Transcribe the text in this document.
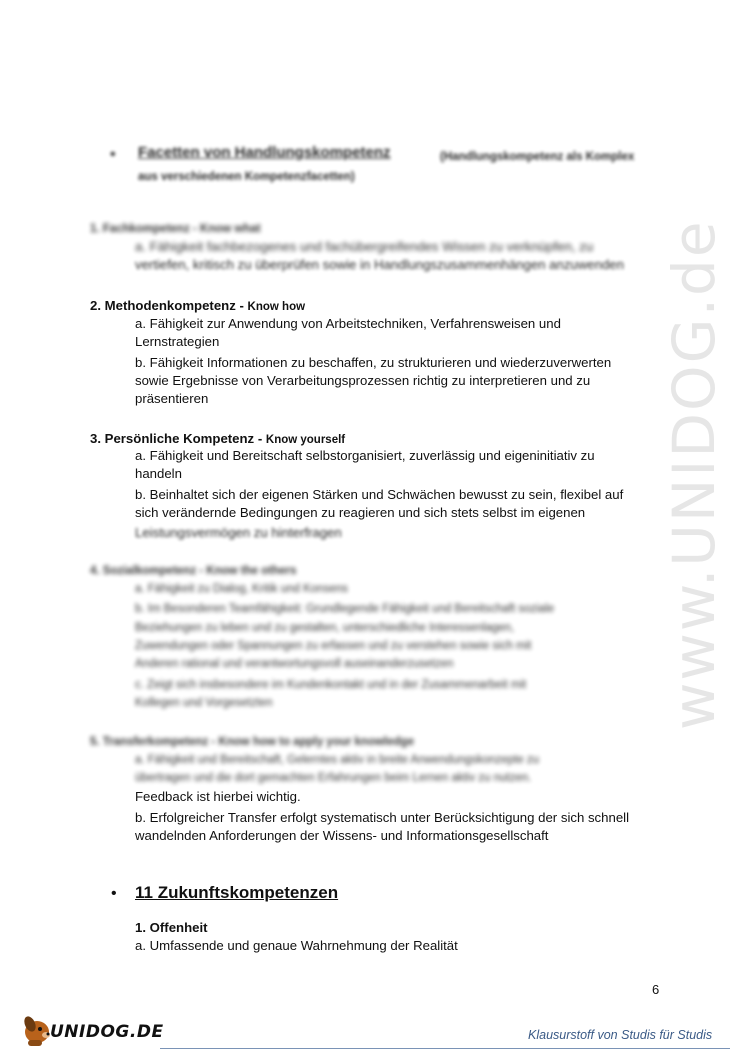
www.UNIDOG.de
• Facetten von Handlungskompetenz	(Handlungskompetenz als Komplex
aus verschiedenen Kompetenzfacetten)
1. Fachkompetenz - Know what
a. Fähigkeit fachbezogenes und fachübergreifendes Wissen zu verknüpfen, zu
vertiefen, kritisch zu überprüfen sowie in Handlungszusammenhängen anzuwenden
2. Methodenkompetenz - Know how
a. Fähigkeit zur Anwendung von Arbeitstechniken, Verfahrensweisen und
Lernstrategien
b. Fähigkeit Informationen zu beschaffen, zu strukturieren und wiederzuverwerten
sowie Ergebnisse von Verarbeitungsprozessen richtig zu interpretieren und zu
präsentieren
3. Persönliche Kompetenz - Know yourself
a. Fähigkeit und Bereitschaft selbstorganisiert, zuverlässig und eigeninitiativ zu
handeln
b. Beinhaltet sich der eigenen Stärken und Schwächen bewusst zu sein, flexibel auf
sich verändernde Bedingungen zu reagieren und sich stets selbst im eigenen
Leistungsvermögen zu hinterfragen
4. Sozialkompetenz - Know the others
a. Fähigkeit zu Dialog, Kritik und Konsens
b. Im Besonderen Teamfähigkeit: Grundlegende Fähigkeit und Bereitschaft soziale
Beziehungen zu leben und zu gestalten, unterschiedliche Interessenlagen,
Zuwendungen oder Spannungen zu erfassen und zu verstehen sowie sich mit
Anderen rational und verantwortungsvoll auseinanderzusetzen
c. Zeigt sich insbesondere im Kundenkontakt und in der Zusammenarbeit mit
Kollegen und Vorgesetzten
5. Transferkompetenz - Know how to apply your knowledge
a. Fähigkeit und Bereitschaft, Gelerntes aktiv in breite Anwendungskonzepte zu
übertragen und die dort gemachten Erfahrungen beim Lernen aktiv zu nutzen.
Feedback ist hierbei wichtig.
b. Erfolgreicher Transfer erfolgt systematisch unter Berücksichtigung der sich schnell
wandelnden Anforderungen der Wissens- und Informationsgesellschaft
• 11 Zukunftskompetenzen
1. Offenheit
a. Umfassende und genaue Wahrnehmung der Realität
6
UNIDOG.DE	Klausurstoff von Studis für Studis
